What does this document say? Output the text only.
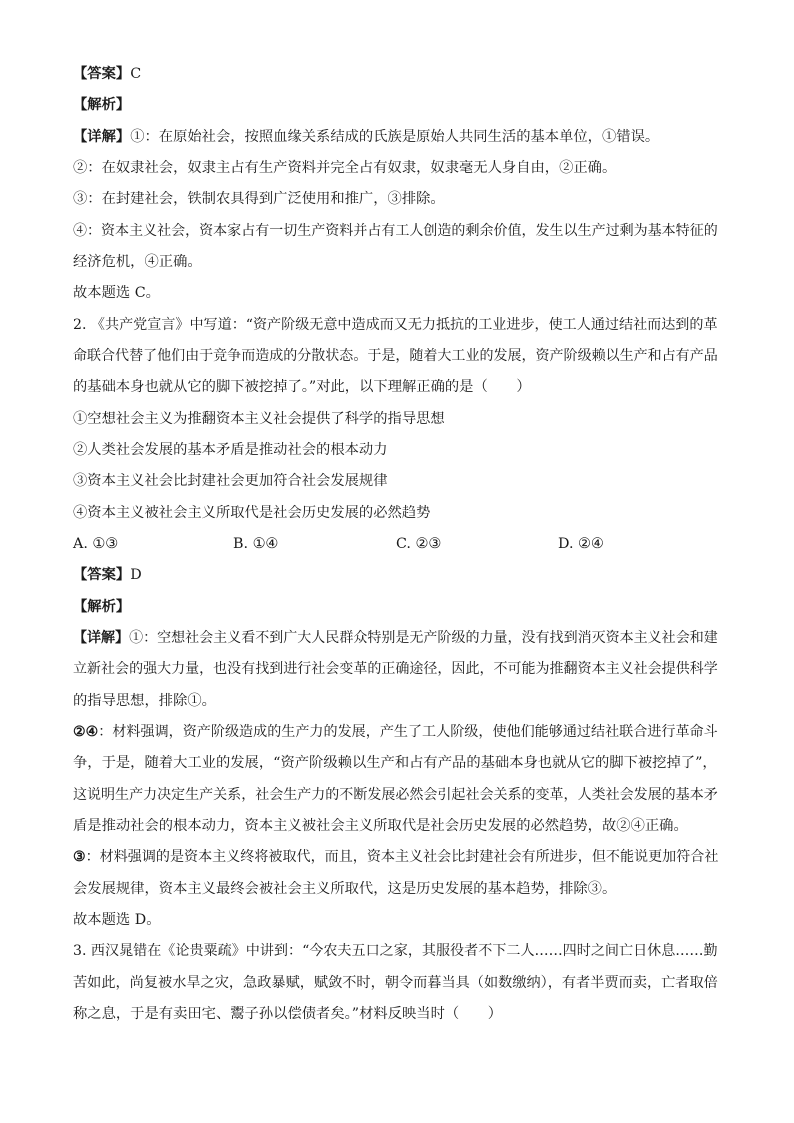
【答案】C
【解析】
【详解】①：在原始社会，按照血缘关系结成的氏族是原始人共同生活的基本单位，①错误。
②：在奴隶社会，奴隶主占有生产资料并完全占有奴隶，奴隶毫无人身自由，②正确。
③：在封建社会，铁制农具得到广泛使用和推广，③排除。
④：资本主义社会，资本家占有一切生产资料并占有工人创造的剩余价值，发生以生产过剩为基本特征的
经济危机，④正确。
故本题选 C。
2. 《共产党宣言》中写道：“资产阶级无意中造成而又无力抵抗的工业进步，使工人通过结社而达到的革
命联合代替了他们由于竞争而造成的分散状态。于是，随着大工业的发展，资产阶级赖以生产和占有产品
的基础本身也就从它的脚下被挖掉了。”对此，以下理解正确的是（　　）
①空想社会主义为推翻资本主义社会提供了科学的指导思想
②人类社会发展的基本矛盾是推动社会的根本动力
③资本主义社会比封建社会更加符合社会发展规律
④资本主义被社会主义所取代是社会历史发展的必然趋势
A. ①③	B. ①④	C. ②③	D. ②④
【答案】D
【解析】
【详解】①：空想社会主义看不到广大人民群众特别是无产阶级的力量，没有找到消灭资本主义社会和建
立新社会的强大力量，也没有找到进行社会变革的正确途径，因此，不可能为推翻资本主义社会提供科学
的指导思想，排除①。
②④：材料强调，资产阶级造成的生产力的发展，产生了工人阶级，使他们能够通过结社联合进行革命斗
争，于是，随着大工业的发展，“资产阶级赖以生产和占有产品的基础本身也就从它的脚下被挖掉了”，
这说明生产力决定生产关系，社会生产力的不断发展必然会引起社会关系的变革，人类社会发展的基本矛
盾是推动社会的根本动力，资本主义被社会主义所取代是社会历史发展的必然趋势，故②④正确。
③：材料强调的是资本主义终将被取代，而且，资本主义社会比封建社会有所进步，但不能说更加符合社
会发展规律，资本主义最终会被社会主义所取代，这是历史发展的基本趋势，排除③。
故本题选 D。
3. 西汉晁错在《论贵粟疏》中讲到：“今农夫五口之家，其服役者不下二人……四时之间亡日休息……勤
苦如此，尚复被水旱之灾，急政暴赋，赋敛不时，朝令而暮当具（如数缴纳），有者半贾而卖，亡者取倍
称之息，于是有卖田宅、鬻子孙以偿债者矣。”材料反映当时（　　）
